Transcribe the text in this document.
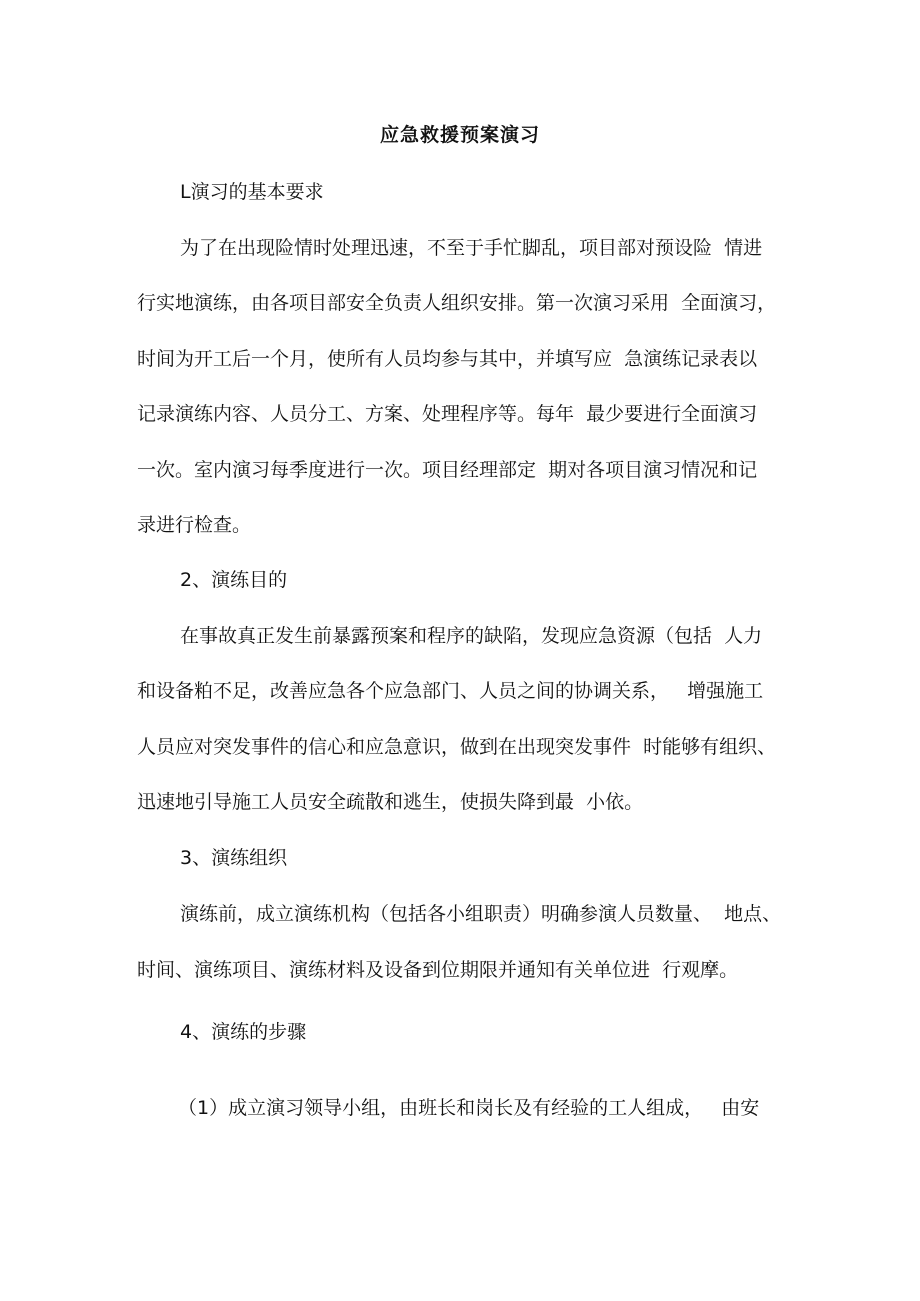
应急救援预案演习
L演习的基本要求
为了在出现险情时处理迅速，不至于手忙脚乱，项目部对预设险  情进
行实地演练，由各项目部安全负责人组织安排。第一次演习采用  全面演习，
时间为开工后一个月，使所有人员均参与其中，并填写应  急演练记录表以
记录演练内容、人员分工、方案、处理程序等。每年  最少要进行全面演习
一次。室内演习每季度进行一次。项目经理部定  期对各项目演习情况和记
录进行检查。
2、演练目的
在事故真正发生前暴露预案和程序的缺陷，发现应急资源（包括  人力
和设备粕不足，改善应急各个应急部门、人员之间的协调关系，   增强施工
人员应对突发事件的信心和应急意识，做到在出现突发事件  时能够有组织、
迅速地引导施工人员安全疏散和逃生，使损失降到最  小依。
3、演练组织
演练前，成立演练机构（包括各小组职责）明确参演人员数量、  地点、
时间、演练项目、演练材料及设备到位期限并通知有关单位进  行观摩。
4、演练的步骤
（1）成立演习领导小组，由班长和岗长及有经验的工人组成，   由安
